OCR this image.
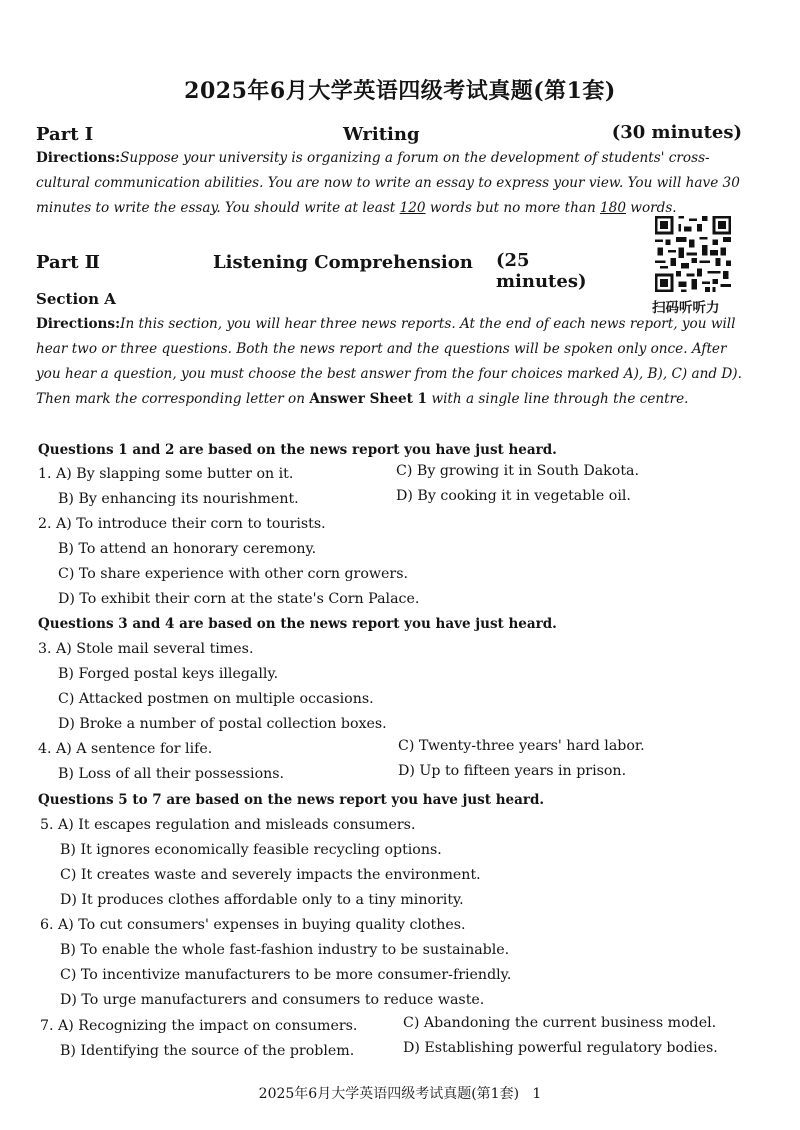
2025年6月大学英语四级考试真题(第1套)
Part Ⅰ	Writing	(30 minutes)
Directions:Suppose your university is organizing a forum on the development of students' cross-cultural communication abilities. You are now to write an essay to express your view. You will have 30 minutes to write the essay. You should write at least 120 words but no more than 180 words.
Part Ⅱ	Listening Comprehension (25 minutes)
扫码听听力
Section A
Directions:In this section, you will hear three news reports. At the end of each news report, you will hear two or three questions. Both the news report and the questions will be spoken only once. After you hear a question, you must choose the best answer from the four choices marked A), B), C) and D). Then mark the corresponding letter on Answer Sheet 1 with a single line through the centre.
Questions 1 and 2 are based on the news report you have just heard.
1. A) By slapping some butter on it.
B) By enhancing its nourishment.
C) By growing it in South Dakota.
D) By cooking it in vegetable oil.
2. A) To introduce their corn to tourists.
B) To attend an honorary ceremony.
C) To share experience with other corn growers.
D) To exhibit their corn at the state's Corn Palace.
Questions 3 and 4 are based on the news report you have just heard.
3. A) Stole mail several times.
B) Forged postal keys illegally.
C) Attacked postmen on multiple occasions.
D) Broke a number of postal collection boxes.
4. A) A sentence for life.
B) Loss of all their possessions.
C) Twenty-three years' hard labor.
D) Up to fifteen years in prison.
Questions 5 to 7 are based on the news report you have just heard.
5. A) It escapes regulation and misleads consumers.
B) It ignores economically feasible recycling options.
C) It creates waste and severely impacts the environment.
D) It produces clothes affordable only to a tiny minority.
6. A) To cut consumers' expenses in buying quality clothes.
B) To enable the whole fast-fashion industry to be sustainable.
C) To incentivize manufacturers to be more consumer-friendly.
D) To urge manufacturers and consumers to reduce waste.
7. A) Recognizing the impact on consumers.
B) Identifying the source of the problem.
C) Abandoning the current business model.
D) Establishing powerful regulatory bodies.
2025年6月大学英语四级考试真题(第1套) 1
